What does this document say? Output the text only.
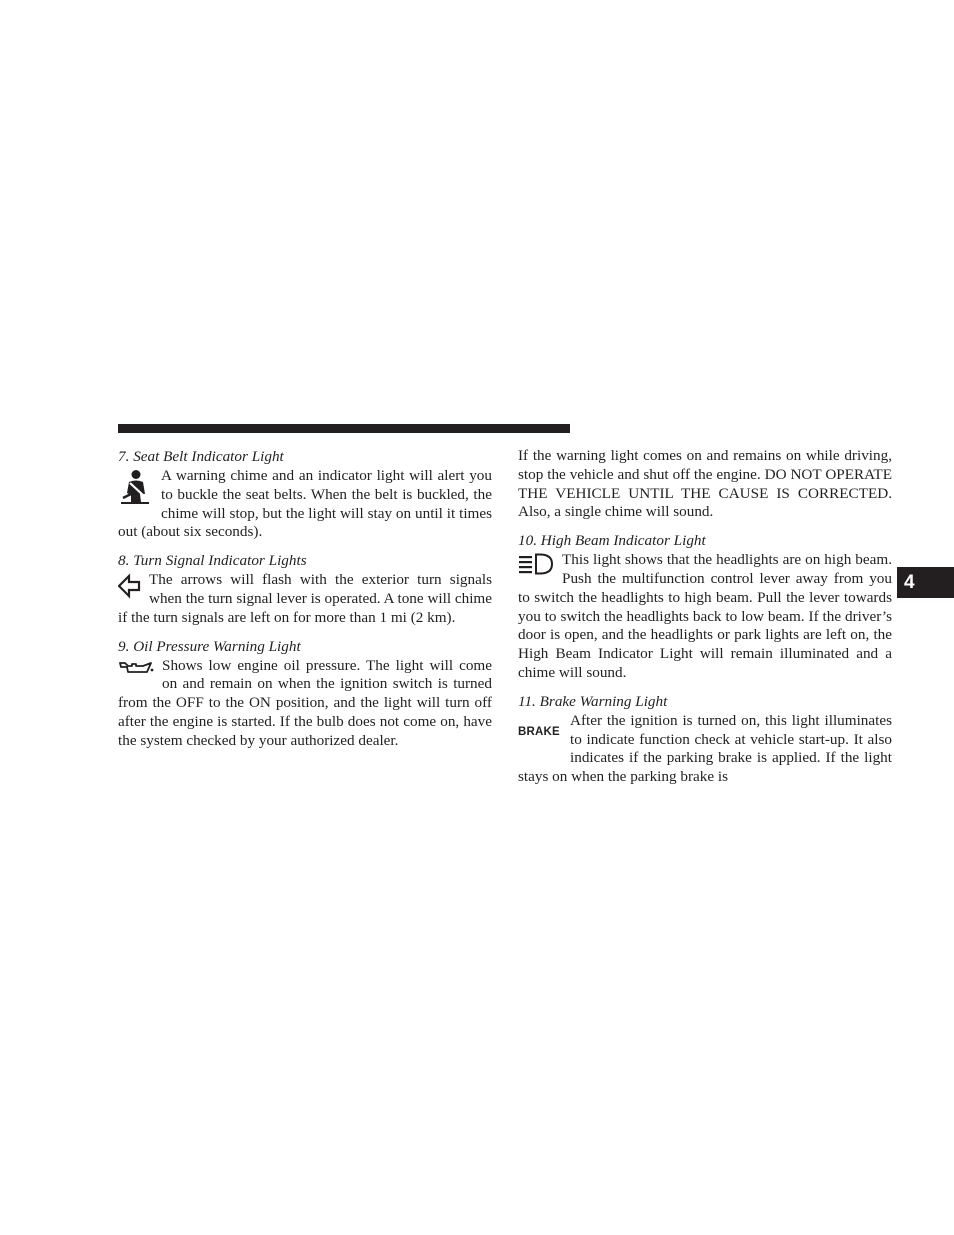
7. Seat Belt Indicator Light
A warning chime and an indicator light will alert you to buckle the seat belts. When the belt is buckled, the chime will stop, but the light will stay on until it times out (about six seconds).
8. Turn Signal Indicator Lights
The arrows will flash with the exterior turn signals when the turn signal lever is operated. A tone will chime if the turn signals are left on for more than 1 mi (2 km).
9. Oil Pressure Warning Light
Shows low engine oil pressure. The light will come on and remain on when the ignition switch is turned from the OFF to the ON position, and the light will turn off after the engine is started. If the bulb does not come on, have the system checked by your authorized dealer.

If the warning light comes on and remains on while driving, stop the vehicle and shut off the engine. DO NOT OPERATE THE VEHICLE UNTIL THE CAUSE IS CORRECTED. Also, a single chime will sound.

10. High Beam Indicator Light
This light shows that the headlights are on high beam. Push the multifunction control lever away from you to switch the headlights to high beam. Pull the lever towards you to switch the headlights back to low beam. If the driver’s door is open, and the headlights or park lights are left on, the High Beam Indicator Light will remain illuminated and a chime will sound.
11. Brake Warning Light
BRAKE
After the ignition is turned on, this light illuminates to indicate function check at vehicle start-up. It also indicates if the parking brake is applied. If the light stays on when the parking brake is
4
